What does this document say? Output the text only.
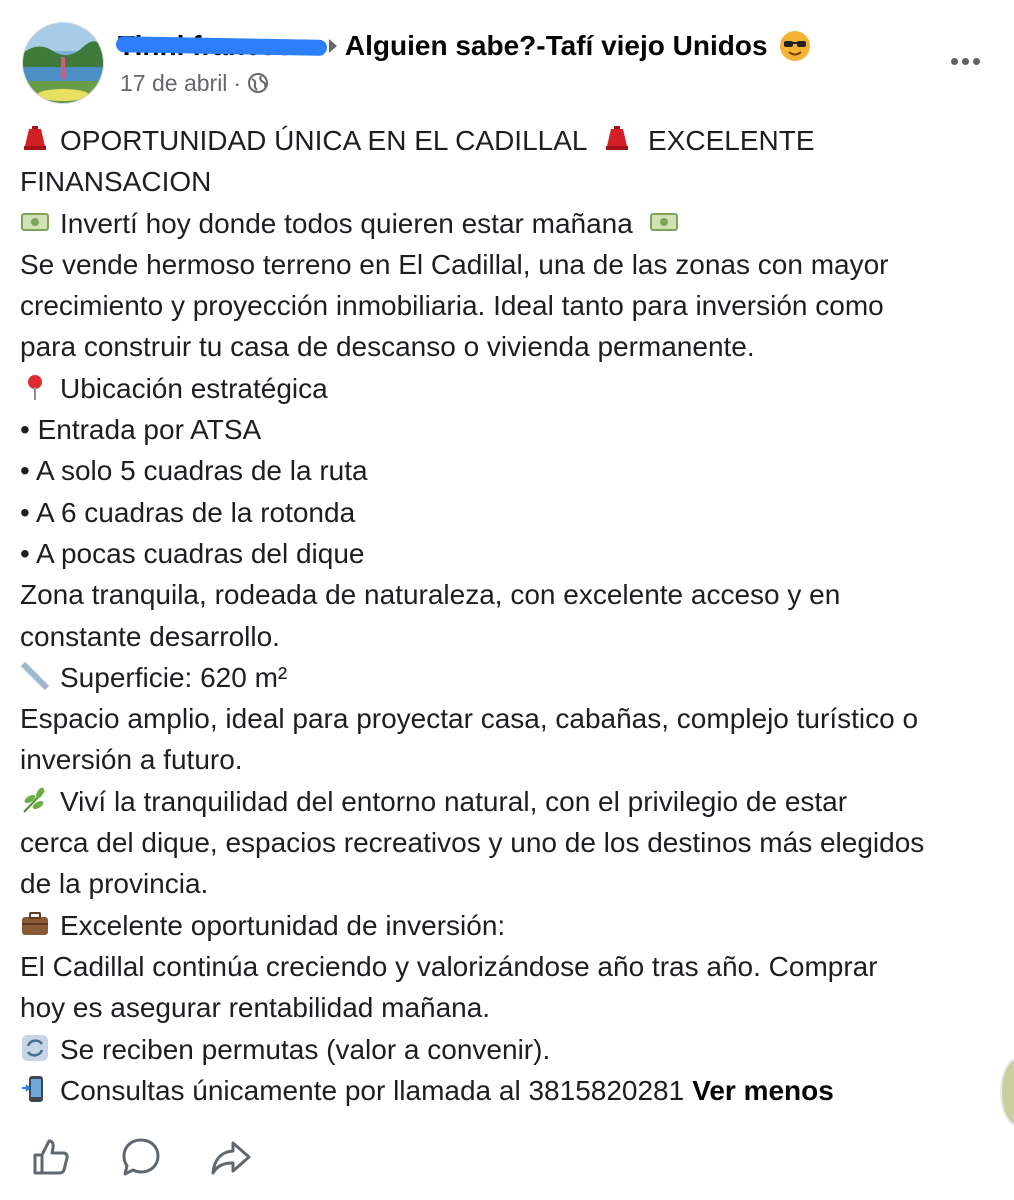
Alguien sabe?-Tafí viejo Unidos
17 de abril ·
OPORTUNIDAD ÚNICA EN EL CADILLAL EXCELENTE
FINANSACION
Invertí hoy donde todos quieren estar mañana
Se vende hermoso terreno en El Cadillal, una de las zonas con mayor
crecimiento y proyección inmobiliaria. Ideal tanto para inversión como
para construir tu casa de descanso o vivienda permanente.
Ubicación estratégica
• Entrada por ATSA
• A solo 5 cuadras de la ruta
• A 6 cuadras de la rotonda
• A pocas cuadras del dique
Zona tranquila, rodeada de naturaleza, con excelente acceso y en
constante desarrollo.
Superficie: 620 m²
Espacio amplio, ideal para proyectar casa, cabañas, complejo turístico o
inversión a futuro.
Viví la tranquilidad del entorno natural, con el privilegio de estar
cerca del dique, espacios recreativos y uno de los destinos más elegidos
de la provincia.
Excelente oportunidad de inversión:
El Cadillal continúa creciendo y valorizándose año tras año. Comprar
hoy es asegurar rentabilidad mañana.
Se reciben permutas (valor a convenir).
Consultas únicamente por llamada al 3815820281 Ver menos
